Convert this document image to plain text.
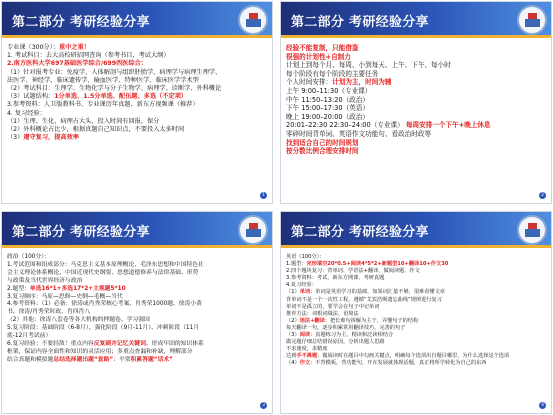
第二部分 考研经验分享

专业课（300分）：重中之重！

1. 考试科目：去大高校研招网查询（参考书目，考试大纲）

2.南方医科大学697基础医学综合/699西医综合：

（1）针对报考专业：免疫学、人体解剖与组织胚胎学、病理学与病理生理学、

法医学、神经学、临床遗传学、输血医学、特种医学、临床医学学术型

（2）考试科目：生理学、生物化学与分子生物学、病理学、诊断学、外科概论

（3）试题结构：1分单选、1.5分单选、配伍题、多选（不定项）

3.参考资料：人卫版教科书、专业课历年真题、新东方视频课（推荐）

4. 复习经验：

（1）生理、生化、病理占大头，投入时间有回报，保分

（2）外科概论占比少，根据真题自己知识点，不要投入太多时间

（3）遵守复习，提高效率

1
第二部分 考研经验分享

经验不能复制，只能借鉴

很强的计划性+自制力

计划上到每个月、每周、小到每天、上午、下午、每小时

每个阶段有每个阶段的主要任务

个人时间安排：计划为主，时间为辅

上午 9:00–11:30（专业课）

中午 11:50–13:20（政治）

下午 15:00–17:30（英语）

晚上 19:00–20:00（政治）

20:01–22:30 22:30–24:00（专业课） 每周安排一个下午+晚上休息

零碎时间背单词、英语作文功能句、看政治时政等

找到适合自己的时间规划

按分数比例合理安排时间

2
第二部分 考研经验分享

政治（100分）：

1.考试范围和组成部分：马克思主义基本原理概论、毛泽东思想和中国特色社

会主义理论体系概论、中国近现代史纲要、思想道德修养与法律基础、形势

与政策及当代世界经济与政治

2.题型：单选16*1+多选17*2+主观题5*10

3.复习顺序：马原—思修—史纲—毛概—当代

4.参考资料：（1）必备：徐涛或肖秀荣核心考案、肖秀荣1000题、徐涛小黄

书、徐涛/肖秀荣时政、肖四肖八

（2）其他：徐涛八套卷等各大机构的押题卷、学习强国

5.复习阶段：基础阶段（6-8月）、强化阶段（9月-11月）、冲刺阶段（11月

底-12月考试前）

6.复习经验：不要轻敌！重点内容反复刷并记忆关键词。形成牢固的知识体系

框架，保证内容全面性和知识的灵活应用；多重点查漏和补缺，理解部分

结合真题和模拟题总结选择题出题“套路”：平常积累答题“话术”

3
第二部分 考研经验分享

英语（100分）：

1.题型：完形填空20*0.5+阅读4*5*2+新题型10+翻译10+作文30

2.四个题块复习：背单词、学语法+翻译、做阅读题、作文

3.参考资料：考试、新东方网课、考研真题

4.复习经验：

（1）单词：单词是英语学习的基础，如果词汇量不够，很难看懂文章

背单词不是一个一次性工程，遵循“艾宾浩斯遗忘曲线”规律进行复习

单词不是孤立的，要学会在句子中记单词

推荐方法：词根词缀法、语境法

（2）语法+翻译：把长难句拆解为主干，弄懂句子的结构

每天翻译一句，逐步积累常用翻译技巧，完善的句子

（3）阅读：真题练习为主，精读和泛读相结合

做完题仔细总结错误原因，分析出题人思路

不求速度，求精度

达到手不离题：做阅读时在题目中勾画关键点，明确每个选项出自题目哪里，为什么选择这个选项

（4）作文：不背模板，背功能句，开在发展就体现话题，真正将所学转化为自己的东西

4
